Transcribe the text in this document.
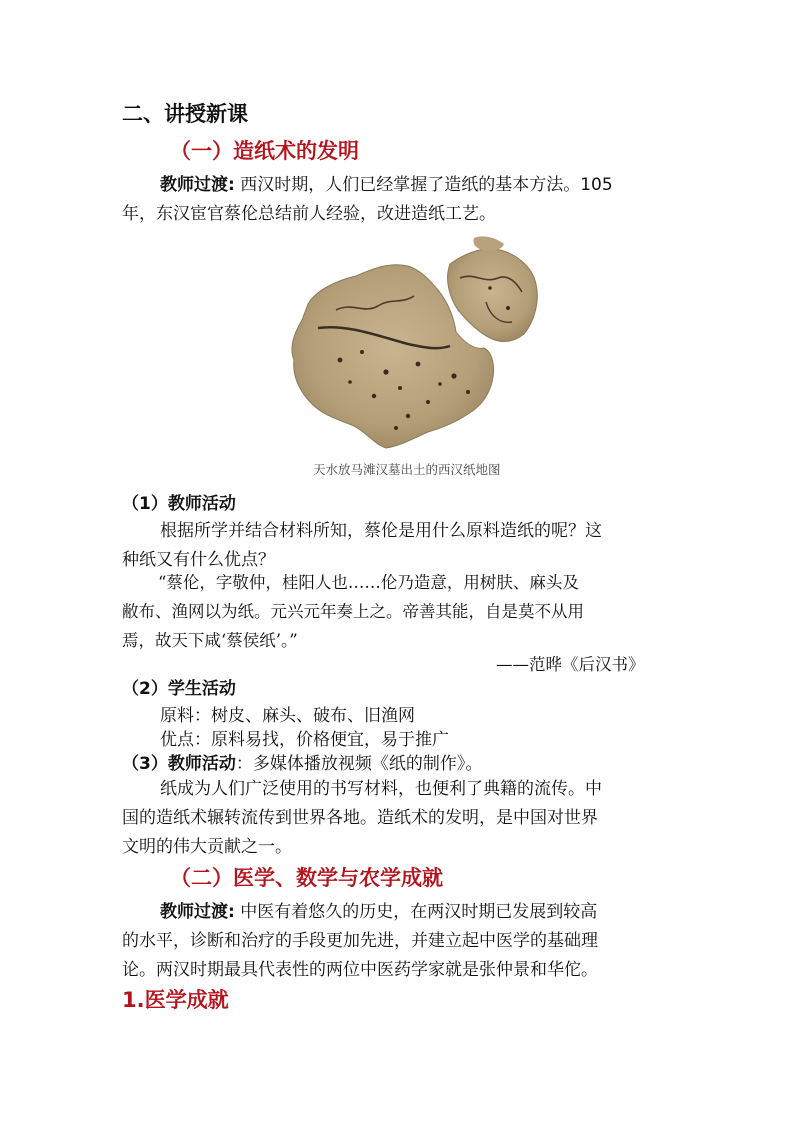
二、讲授新课
（一）造纸术的发明
教师过渡: 西汉时期，人们已经掌握了造纸的基本方法。105
年，东汉宦官蔡伦总结前人经验，改进造纸工艺。
天水放马滩汉墓出土的西汉纸地图
（1）教师活动
根据所学并结合材料所知，蔡伦是用什么原料造纸的呢？这
种纸又有什么优点？
“蔡伦，字敬仲，桂阳人也……伦乃造意，用树肤、麻头及
敝布、渔网以为纸。元兴元年奏上之。帝善其能，自是莫不从用
焉，故天下咸‘蔡侯纸’。”
——范晔《后汉书》
（2）学生活动
原料：树皮、麻头、破布、旧渔网
优点：原料易找，价格便宜，易于推广
（3）教师活动：多媒体播放视频《纸的制作》。
纸成为人们广泛使用的书写材料，也便利了典籍的流传。中
国的造纸术辗转流传到世界各地。造纸术的发明，是中国对世界
文明的伟大贡献之一。
（二）医学、数学与农学成就
教师过渡: 中医有着悠久的历史，在两汉时期已发展到较高
的水平，诊断和治疗的手段更加先进，并建立起中医学的基础理
论。两汉时期最具代表性的两位中医药学家就是张仲景和华佗。
1.医学成就
